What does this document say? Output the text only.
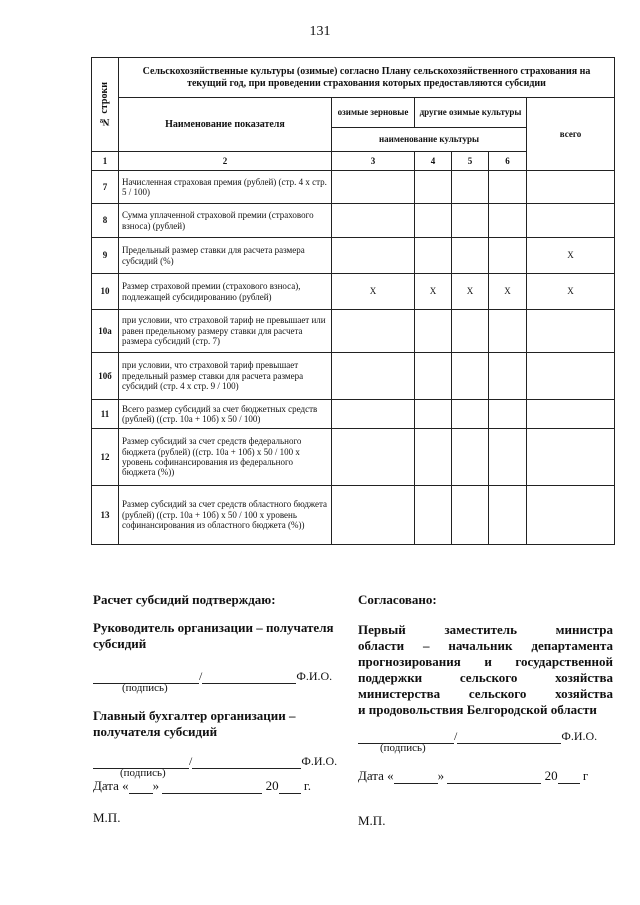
131
№ строки	Сельскохозяйственные культуры (озимые) согласно Плану сельскохозяйственного страхования на текущий год, при проведении страхования которых предоставляются субсидии					
	Наименование показателя	озимые зерновые	другие озимые культуры			всего
		наименование культуры				
1	2	3	4	5	6	
7	Начисленная страховая премия (рублей) (стр. 4 x стр. 5 / 100)					
8	Сумма уплаченной страховой премии (страхового взноса) (рублей)					
9	Предельный размер ставки для расчета размера субсидий (%)					X
10	Размер страховой премии (страхового взноса), подлежащей субсидированию (рублей)	X	X	X	X	X
10а	при условии, что страховой тариф не превышает или равен предельному размеру ставки для расчета размера субсидий (стр. 7)					
10б	при условии, что страховой тариф превышает предельный размер ставки для расчета размера субсидий (стр. 4 x стр. 9 / 100)					
11	Всего размер субсидий за счет бюджетных средств (рублей) ((стр. 10а + 10б) x 50 / 100)					
12	Размер субсидий за счет средств федерального бюджета (рублей) ((стр. 10а + 10б) x 50 / 100 x уровень софинансирования из федерального бюджета (%))					
13	Размер субсидий за счет средств областного бюджета (рублей) ((стр. 10а + 10б) x 50 / 100 x уровень софинансирования из областного бюджета (%))					
Расчет субсидий подтверждаю:
Руководитель организации – получателя субсидий
/	Ф.И.О.
(подпись)
Главный бухгалтер организации – получателя субсидий
/	Ф.И.О.
(подпись)
Дата « »	20 г.
М.П.
Согласовано:
Первый заместитель министра
области – начальник департамента
прогнозирования и государственной
поддержки сельского хозяйства
министерства сельского хозяйства
и продовольствия Белгородской области
/	Ф.И.О.
(подпись)
Дата «	»	20 г
М.П.
